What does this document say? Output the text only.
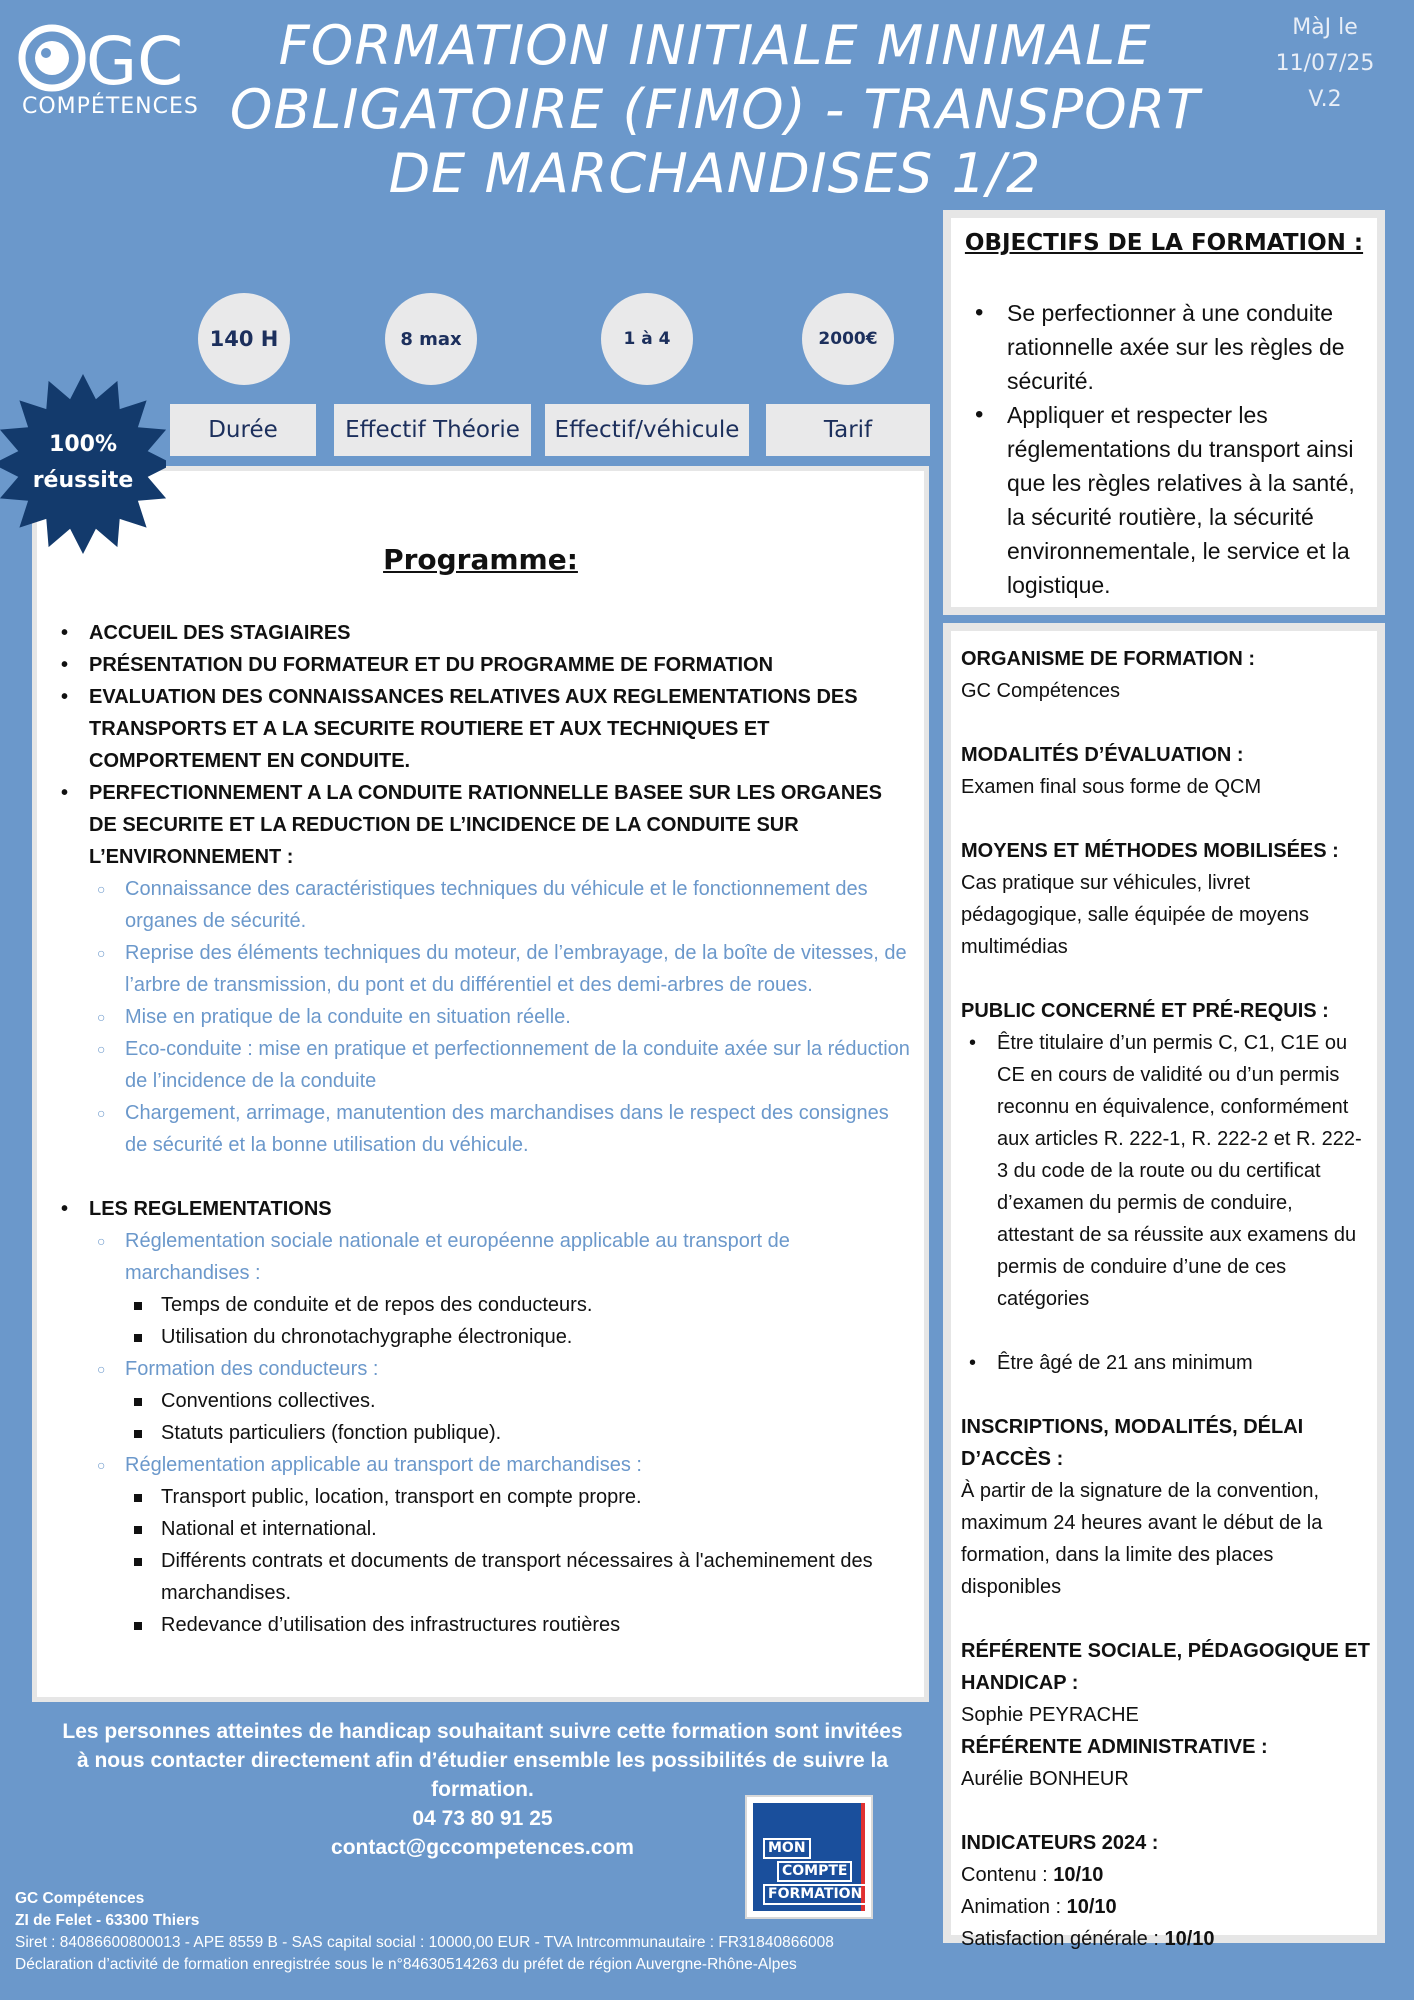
GC
COMPÉTENCES
FORMATION INITIALE MINIMALE OBLIGATOIRE (FIMO) - TRANSPORT DE MARCHANDISES 1/2
MàJ le
11/07/25
V.2
140 H	8 max	1 à 4	2000€
Durée	Effectif Théorie	Effectif/véhicule	Tarif
Programme:
• ACCUEIL DES STAGIAIRES
• PRÉSENTATION DU FORMATEUR ET DU PROGRAMME DE FORMATION
• EVALUATION DES CONNAISSANCES RELATIVES AUX REGLEMENTATIONS DES TRANSPORTS ET A LA SECURITE ROUTIERE ET AUX TECHNIQUES ET COMPORTEMENT EN CONDUITE.
• PERFECTIONNEMENT A LA CONDUITE RATIONNELLE BASEE SUR LES ORGANES DE SECURITE ET LA REDUCTION DE L’INCIDENCE DE LA CONDUITE SUR L’ENVIRONNEMENT :
○ Connaissance des caractéristiques techniques du véhicule et le fonctionnement des organes de sécurité.
○ Reprise des éléments techniques du moteur, de l’embrayage, de la boîte de vitesses, de l’arbre de transmission, du pont et du différentiel et des demi-arbres de roues.
○ Mise en pratique de la conduite en situation réelle.
○ Eco-conduite : mise en pratique et perfectionnement de la conduite axée sur la réduction de l’incidence de la conduite
○ Chargement, arrimage, manutention des marchandises dans le respect des consignes de sécurité et la bonne utilisation du véhicule.
• LES REGLEMENTATIONS
○ Réglementation sociale nationale et européenne applicable au transport de marchandises :
Temps de conduite et de repos des conducteurs.
Utilisation du chronotachygraphe électronique.
○ Formation des conducteurs :
Conventions collectives.
Statuts particuliers (fonction publique).
○ Réglementation applicable au transport de marchandises :
Transport public, location, transport en compte propre.
National et international.
Différents contrats et documents de transport nécessaires à l'acheminement des marchandises.
Redevance d’utilisation des infrastructures routières
100%
réussite
OBJECTIFS DE LA FORMATION :
• Se perfectionner à une conduite rationnelle axée sur les règles de sécurité.
• Appliquer et respecter les réglementations du transport ainsi que les règles relatives à la santé, la sécurité routière, la sécurité environnementale, le service et la logistique.
ORGANISME DE FORMATION :
GC Compétences
MODALITÉS D’ÉVALUATION :
Examen final sous forme de QCM
MOYENS ET MÉTHODES MOBILISÉES :
Cas pratique sur véhicules, livret pédagogique, salle équipée de moyens multimédias
PUBLIC CONCERNÉ ET PRÉ-REQUIS :
• Être titulaire d’un permis C, C1, C1E ou CE en cours de validité ou d’un permis reconnu en équivalence, conformément aux articles R. 222-1, R. 222-2 et R. 222-3 du code de la route ou du certificat d’examen du permis de conduire, attestant de sa réussite aux examens du permis de conduire d’une de ces catégories
• Être âgé de 21 ans minimum
INSCRIPTIONS, MODALITÉS, DÉLAI D’ACCÈS :
À partir de la signature de la convention, maximum 24 heures avant le début de la formation, dans la limite des places disponibles
RÉFÉRENTE SOCIALE, PÉDAGOGIQUE ET HANDICAP :
Sophie PEYRACHE
RÉFÉRENTE ADMINISTRATIVE :
Aurélie BONHEUR
INDICATEURS 2024 :
Contenu : 10/10
Animation : 10/10
Satisfaction générale : 10/10
Les personnes atteintes de handicap souhaitant suivre cette formation sont invitées à nous contacter directement afin d’étudier ensemble les possibilités de suivre la formation.
04 73 80 91 25
contact@gccompetences.com	MON
COMPTE
FORMATION
GC Compétences
ZI de Felet - 63300 Thiers
Siret : 84086600800013 - APE 8559 B - SAS capital social : 10000,00 EUR - TVA Intrcommunautaire : FR31840866008
Déclaration d’activité de formation enregistrée sous le n°84630514263 du préfet de région Auvergne-Rhône-Alpes
